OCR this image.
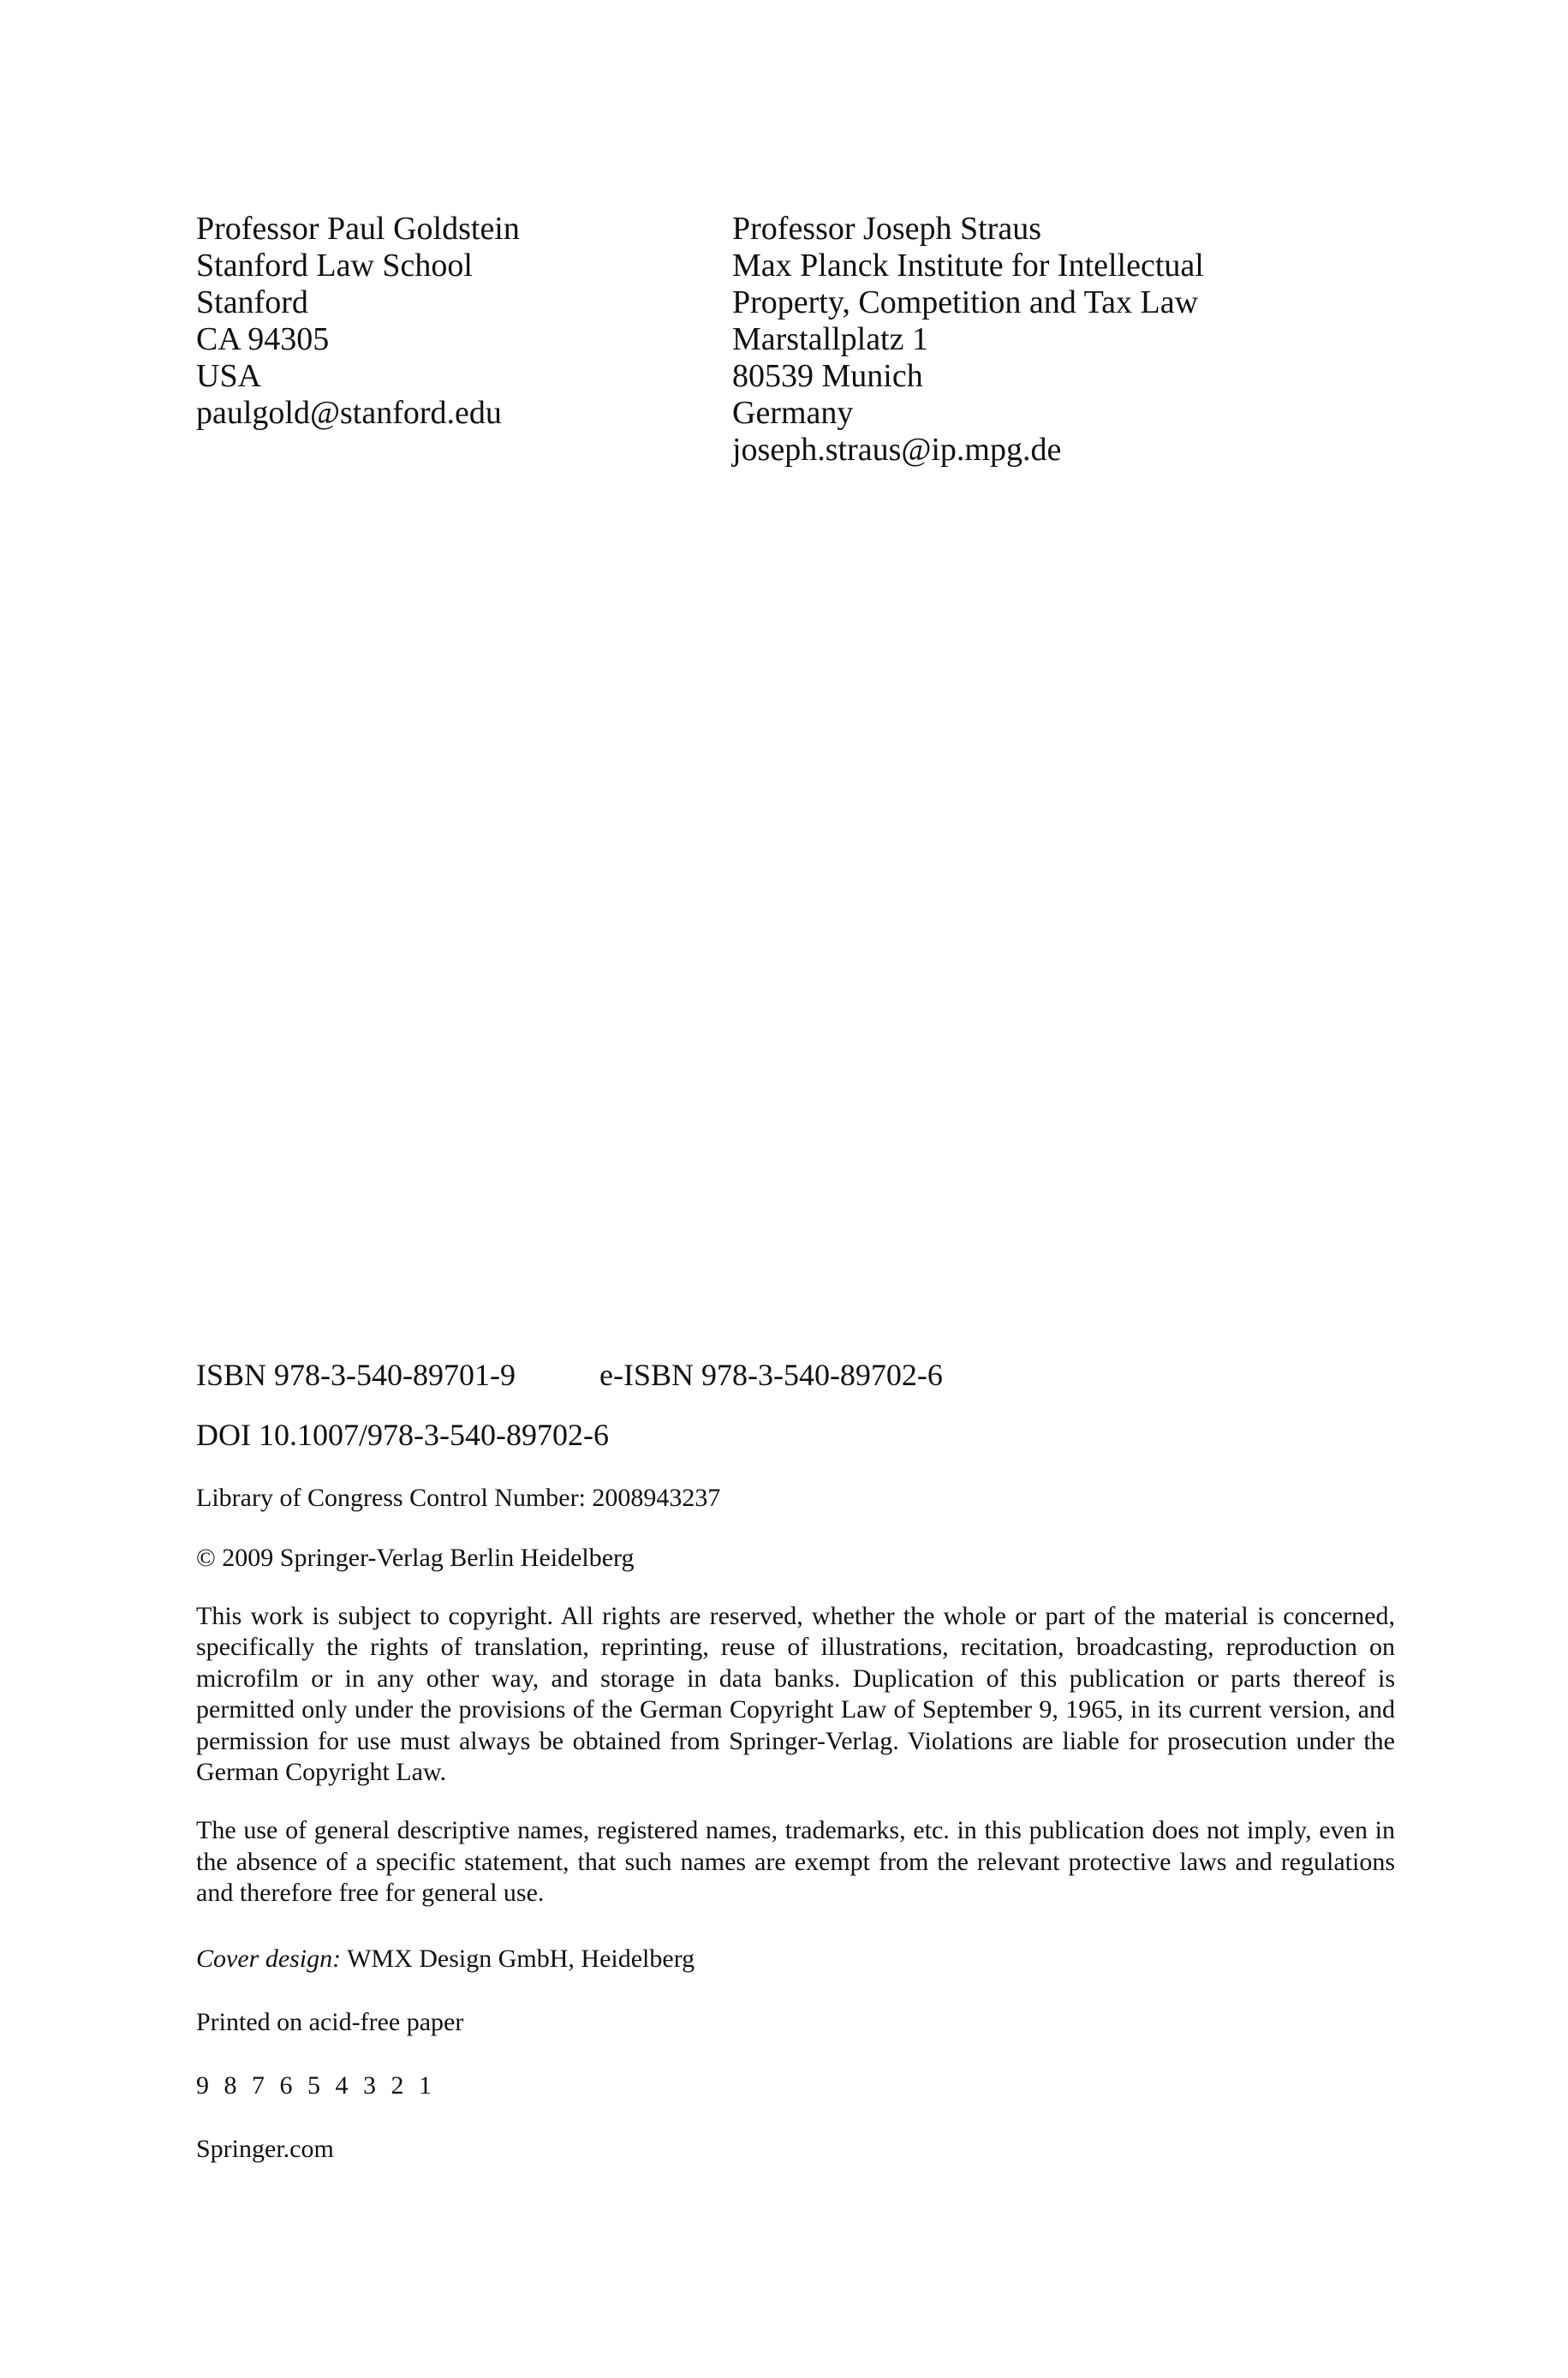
Professor Paul Goldstein
Stanford Law School
Stanford
CA 94305
USA
paulgold@stanford.edu
Professor Joseph Straus
Max Planck Institute for Intellectual
Property, Competition and Tax Law
Marstallplatz 1
80539 Munich
Germany
joseph.straus@ip.mpg.de
ISBN 978-3-540-89701-9	e-ISBN 978-3-540-89702-6
DOI 10.1007/978-3-540-89702-6
Library of Congress Control Number: 2008943237
© 2009 Springer-Verlag Berlin Heidelberg
This work is subject to copyright. All rights are reserved, whether the whole or part of the material is concerned, specifically the rights of translation, reprinting, reuse of illustrations, recitation, broadcasting, reproduction on microfilm or in any other way, and storage in data banks. Duplication of this publication or parts thereof is permitted only under the provisions of the German Copyright Law of September 9, 1965, in its current version, and permission for use must always be obtained from Springer-Verlag. Violations are liable for prosecution under the German Copyright Law.
The use of general descriptive names, registered names, trademarks, etc. in this publication does not imply, even in the absence of a specific statement, that such names are exempt from the relevant protective laws and regulations and therefore free for general use.
Cover design: WMX Design GmbH, Heidelberg
Printed on acid-free paper
9 8 7 6 5 4 3 2 1
Springer.com
